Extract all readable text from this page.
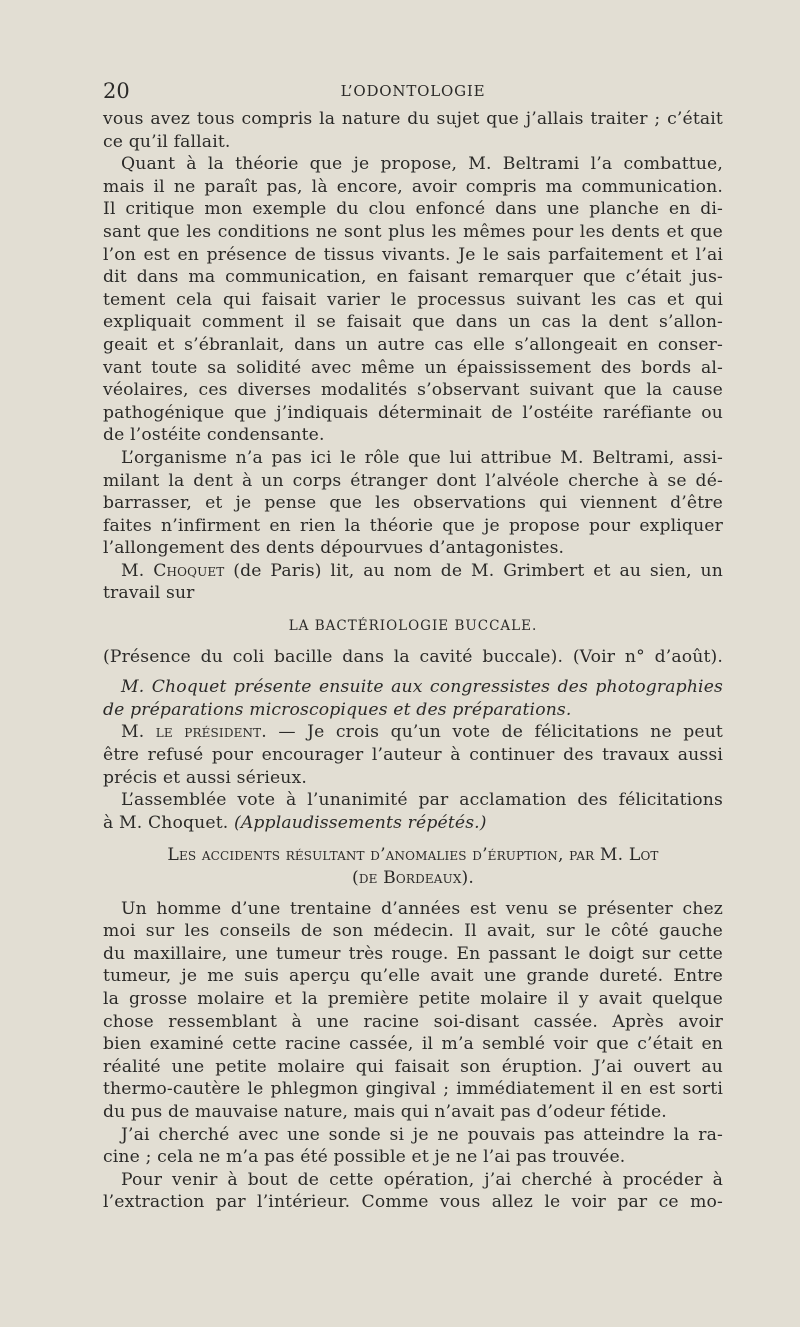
20	L’ODONTOLOGIE
vous avez tous compris la nature du sujet que j’allais traiter ; c’était
ce qu’il fallait.
Quant à la théorie que je propose, M. Beltrami l’a combattue,
mais il ne paraît pas, là encore, avoir compris ma communication.
Il critique mon exemple du clou enfoncé dans une planche en di-
sant que les conditions ne sont plus les mêmes pour les dents et que
l’on est en présence de tissus vivants. Je le sais parfaitement et l’ai
dit dans ma communication, en faisant remarquer que c’était jus-
tement cela qui faisait varier le processus suivant les cas et qui
expliquait comment il se faisait que dans un cas la dent s’allon-
geait et s’ébranlait, dans un autre cas elle s’allongeait en conser-
vant toute sa solidité avec même un épaississement des bords al-
véolaires, ces diverses modalités s’observant suivant que la cause
pathogénique que j’indiquais déterminait de l’ostéite raréfiante ou
de l’ostéite condensante.
L’organisme n’a pas ici le rôle que lui attribue M. Beltrami, assi-
milant la dent à un corps étranger dont l’alvéole cherche à se dé-
barrasser, et je pense que les observations qui viennent d’être
faites n’infirment en rien la théorie que je propose pour expliquer
l’allongement des dents dépourvues d’antagonistes.
M. Choquet (de Paris) lit, au nom de M. Grimbert et au sien, un
travail sur
LA BACTÉRIOLOGIE BUCCALE.
(Présence du coli bacille dans la cavité buccale). (Voir n° d’août).
M. Choquet présente ensuite aux congressistes des photographies
de préparations microscopiques et des préparations.
M. le président. — Je crois qu’un vote de félicitations ne peut
être refusé pour encourager l’auteur à continuer des travaux aussi
précis et aussi sérieux.
L’assemblée vote à l’unanimité par acclamation des félicitations
à M. Choquet. (Applaudissements répétés.)
Les accidents résultant d’anomalies d’éruption, par M. Lot
(de Bordeaux).
Un homme d’une trentaine d’années est venu se présenter chez
moi sur les conseils de son médecin. Il avait, sur le côté gauche
du maxillaire, une tumeur très rouge. En passant le doigt sur cette
tumeur, je me suis aperçu qu’elle avait une grande dureté. Entre
la grosse molaire et la première petite molaire il y avait quelque
chose ressemblant à une racine soi-disant cassée. Après avoir
bien examiné cette racine cassée, il m’a semblé voir que c’était en
réalité une petite molaire qui faisait son éruption. J’ai ouvert au
thermo-cautère le phlegmon gingival ; immédiatement il en est sorti
du pus de mauvaise nature, mais qui n’avait pas d’odeur fétide.
J’ai cherché avec une sonde si je ne pouvais pas atteindre la ra-
cine ; cela ne m’a pas été possible et je ne l’ai pas trouvée.
Pour venir à bout de cette opération, j’ai cherché à procéder à
l’extraction par l’intérieur. Comme vous allez le voir par ce mo-
